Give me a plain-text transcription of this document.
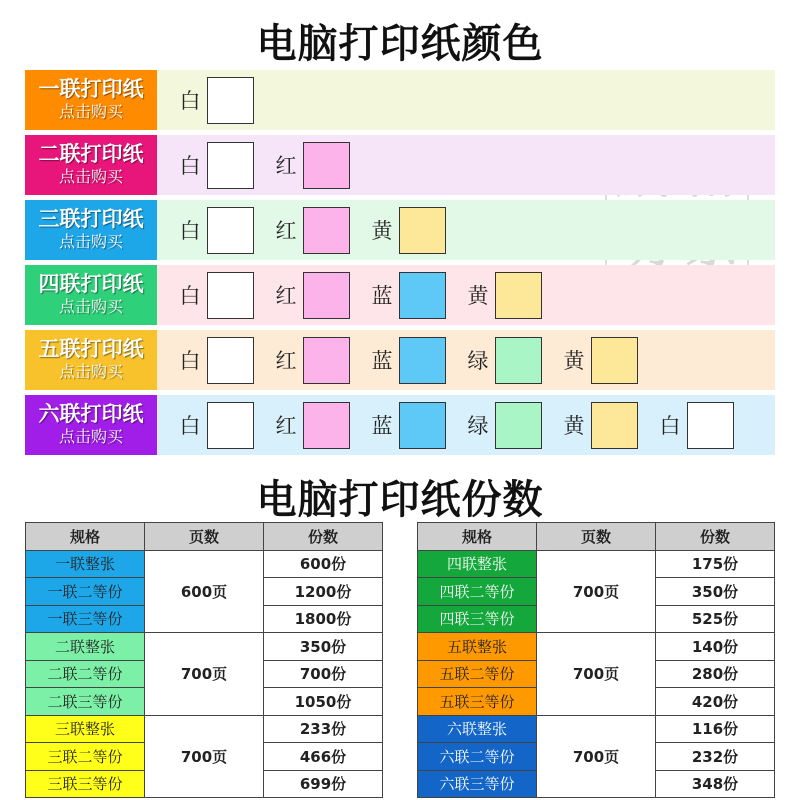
电脑打印纸颜色
一联打印纸
点击购买	白
二联打印纸
点击购买	白	红
三联打印纸
点击购买	白	红	黄
四联打印纸
点击购买	白	红	蓝	黄
五联打印纸
点击购买	白	红	蓝	绿	黄
六联打印纸
点击购买	白	红	蓝	绿	黄	白
电脑打印纸份数
规格	页数	份数
一联整张	600页	600份
一联二等份		1200份
一联三等份		1800份
二联整张	700页	350份
二联二等份		700份
二联三等份		1050份
三联整张	700页	233份
三联二等份		466份
三联三等份		699份
规格	页数	份数
四联整张	700页	175份
四联二等份		350份
四联三等份		525份
五联整张	700页	140份
五联二等份		280份
五联三等份		420份
六联整张	700页	116份
六联二等份		232份
六联三等份		348份
